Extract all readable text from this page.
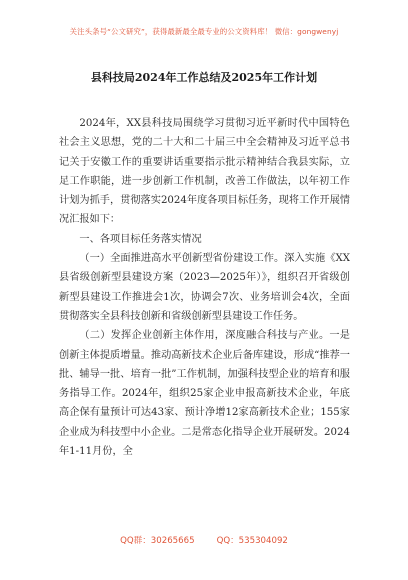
关注头条号“公文研究”，获得最新最全最专业的公文资料库！ 微信：gongwenyj
县科技局2024年工作总结及2025年工作计划

2024年，XX县科技局围绕学习贯彻习近平新时代中国特色社会主义思想，党的二十大和二十届三中全会精神及习近平总书记关于安徽工作的重要讲话重要指示批示精神结合我县实际，立足工作职能，进一步创新工作机制，改善工作做法，以年初工作计划为抓手，贯彻落实2024年度各项目标任务，现将工作开展情况汇报如下：

一、各项目标任务落实情况

（一）全面推进高水平创新型省份建设工作。深入实施《XX县省级创新型县建设方案（2023—2025年）》，组织召开省级创新型县建设工作推进会1次，协调会7次、业务培训会4次，全面贯彻落实全县科技创新和省级创新型县建设工作任务。

（二）发挥企业创新主体作用，深度融合科技与产业。一是创新主体提质增量。推动高新技术企业后备库建设，形成“推荐一批、辅导一批、培育一批”工作机制，加强科技型企业的培育和服务指导工作。2024年，组织25家企业申报高新技术企业，年底高企保有量预计可达43家、预计净增12家高新技术企业；155家企业成为科技型中小企业。二是常态化指导企业开展研发。2024年1-11月份，全

QQ群：30265665	QQ：535304092
